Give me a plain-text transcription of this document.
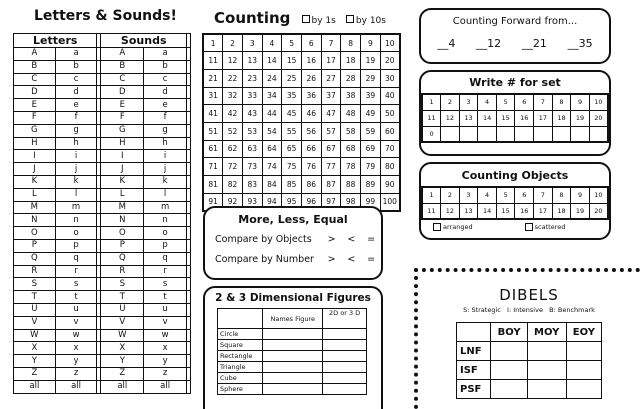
Letters & Sounds!
Letters			Sounds		
A	a		A	a	
B	b		B	b	
C	c		C	c	
D	d		D	d	
E	e		E	e	
F	f		F	f	
G	g		G	g	
H	h		H	h	
I	i		I	i	
J	j		J	j	
K	k		K	k	
L	l		L	l	
M	m		M	m	
N	n		N	n	
O	o		O	o	
P	p		P	p	
Q	q		Q	q	
R	r		R	r	
S	s		S	s	
T	t		T	t	
U	u		U	u	
V	v		V	v	
W	w		W	w	
X	x		X	x	
Y	y		Y	y	
Z	z		Z	z	
all	all		all	all	
Counting by 1s by 10s
1	2	3	4	5	6	7	8	9	10
11	12	13	14	15	16	17	18	19	20
21	22	23	24	25	26	27	28	29	30
31	32	33	34	35	36	37	38	39	40
41	42	43	44	45	46	47	48	49	50
51	52	53	54	55	56	57	58	59	60
61	62	63	64	65	66	67	68	69	70
71	72	73	74	75	76	77	78	79	80
81	82	83	84	85	86	87	88	89	90
91	92	93	94	95	96	97	98	99	100
Counting Forward from...
__4 __12 __21 __35
Write # for set
1	2	3	4	5	6	7	8	9	10
11	12	13	14	15	16	17	18	19	20
0									
Counting Objects
1	2	3	4	5	6	7	8	9	10
11	12	13	14	15	16	17	18	19	20
arranged	scattered
More, Less, Equal
Compare by Objects	>	<	=
Compare by Number	>	<	=
2 & 3 Dimensional Figures
	Names Figure	2D or 3 D
Circle		
Square		
Rectangle		
Triangle		
Cube		
Sphere		
DIBELS
S: Strategic   I: Intensive   B: Benchmark
	BOY	MOY	EOY
LNF			
ISF			
PSF			
